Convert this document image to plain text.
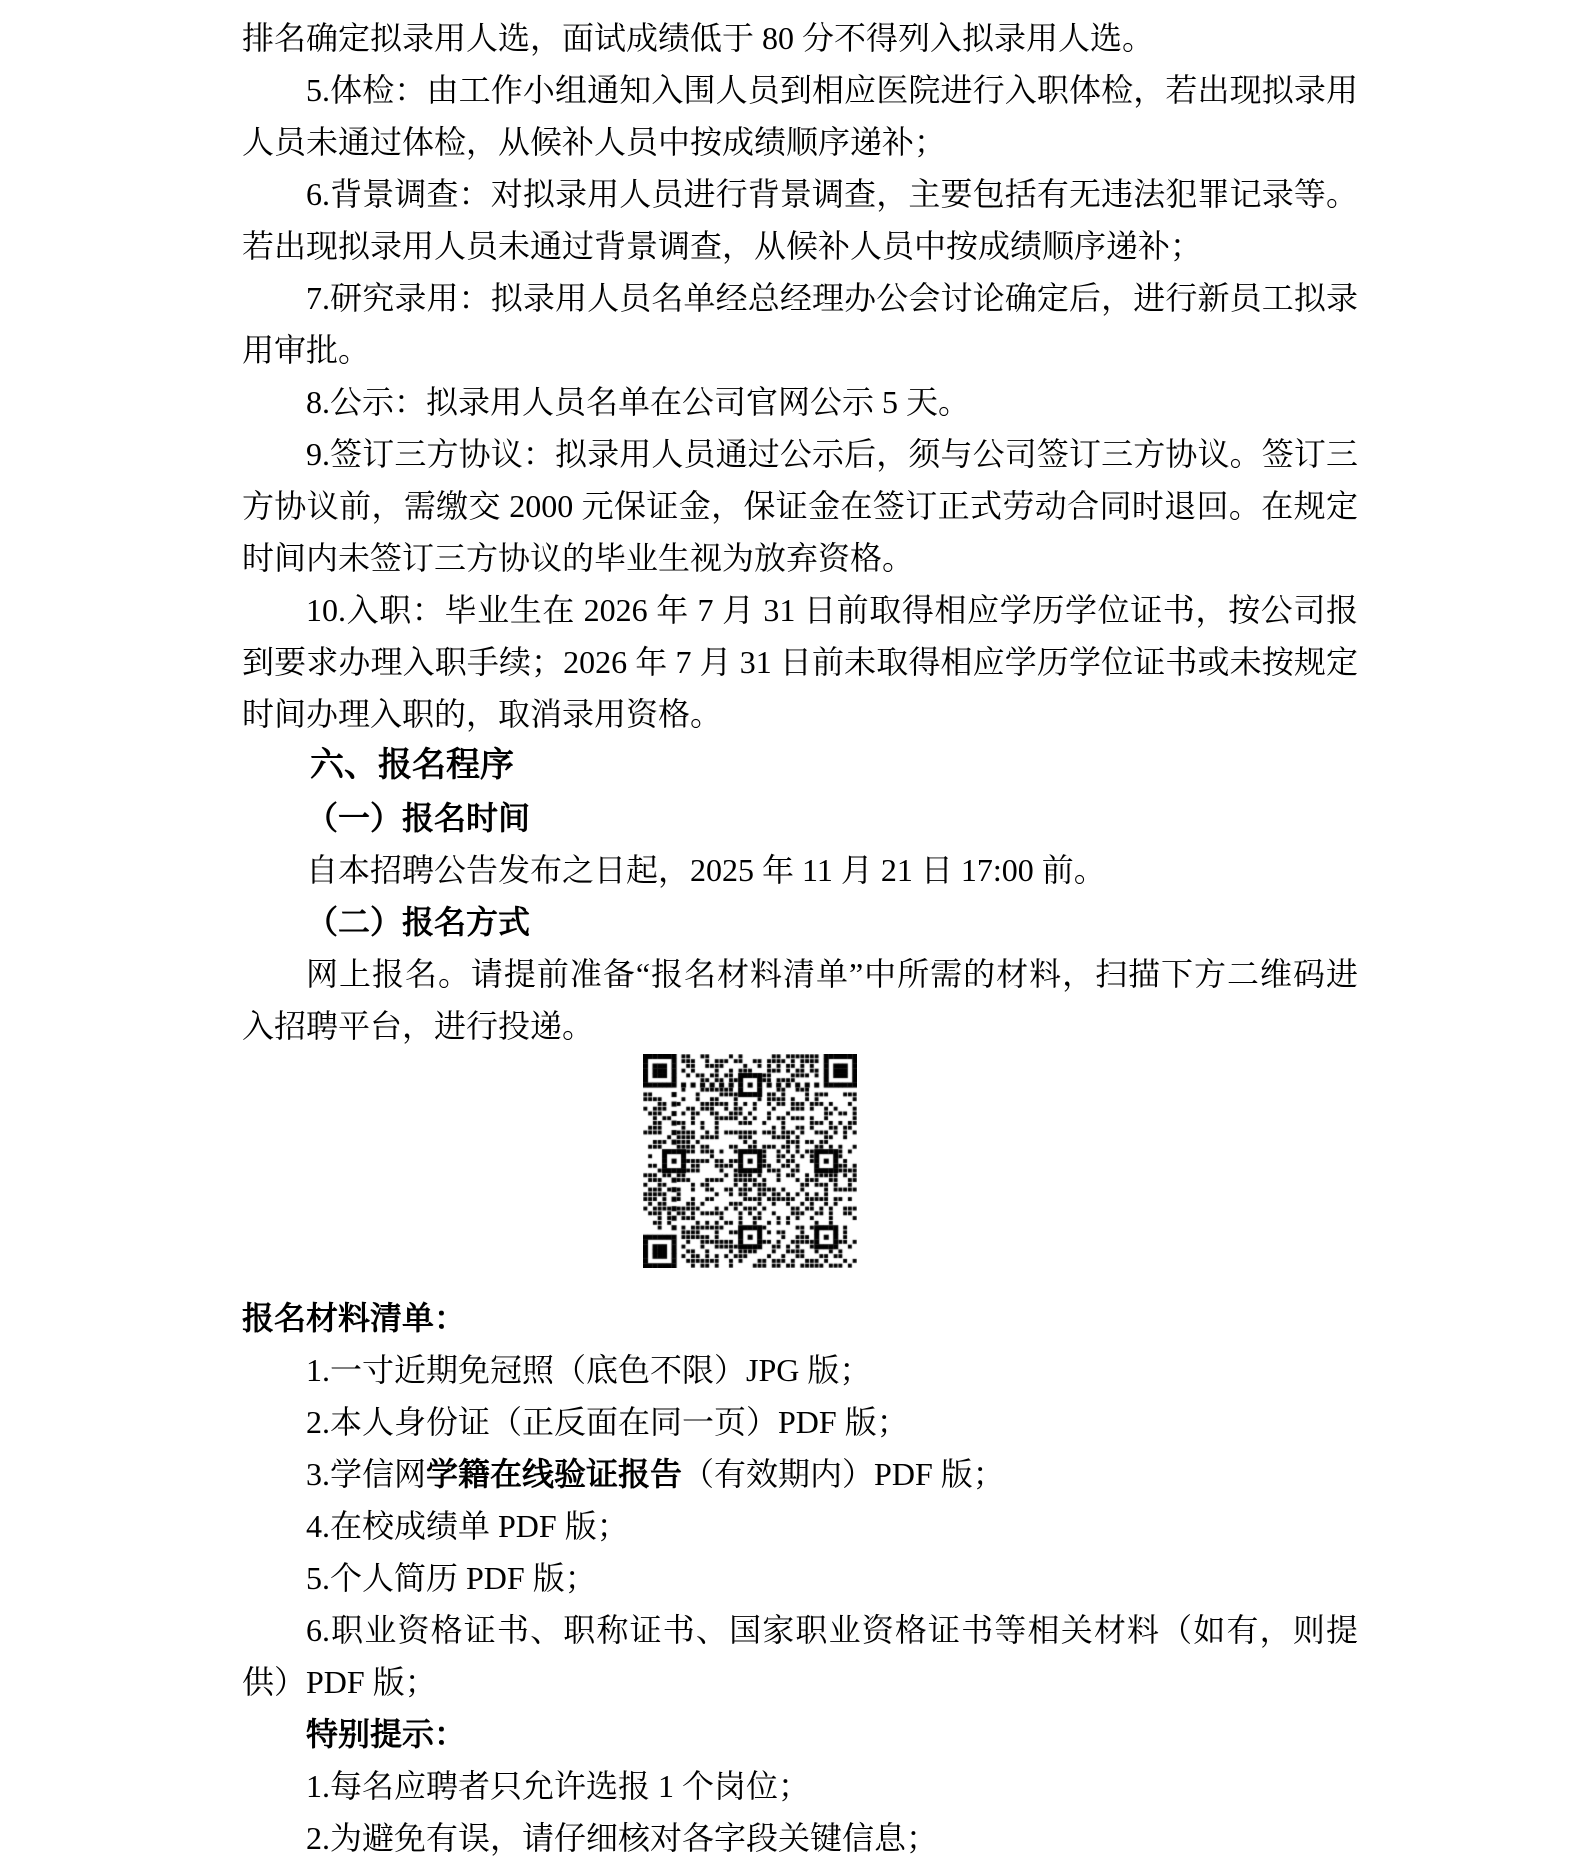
排名确定拟录用人选，面试成绩低于 80 分不得列入拟录用人选。

5.体检：由工作小组通知入围人员到相应医院进行入职体检，若出现拟录用人员未通过体检，从候补人员中按成绩顺序递补；

6.背景调查：对拟录用人员进行背景调查，主要包括有无违法犯罪记录等。若出现拟录用人员未通过背景调查，从候补人员中按成绩顺序递补；

7.研究录用：拟录用人员名单经总经理办公会讨论确定后，进行新员工拟录用审批。

8.公示：拟录用人员名单在公司官网公示 5 天。

9.签订三方协议：拟录用人员通过公示后，须与公司签订三方协议。签订三方协议前，需缴交 2000 元保证金，保证金在签订正式劳动合同时退回。在规定时间内未签订三方协议的毕业生视为放弃资格。

10.入职：毕业生在 2026 年 7 月 31 日前取得相应学历学位证书，按公司报到要求办理入职手续；2026 年 7 月 31 日前未取得相应学历学位证书或未按规定时间办理入职的，取消录用资格。

六、报名程序

（一）报名时间

自本招聘公告发布之日起，2025 年 11 月 21 日 17:00 前。

（二）报名方式

网上报名。请提前准备“报名材料清单”中所需的材料，扫描下方二维码进入招聘平台，进行投递。

报名材料清单：

1.一寸近期免冠照（底色不限）JPG 版；

2.本人身份证（正反面在同一页）PDF 版；

3.学信网学籍在线验证报告（有效期内）PDF 版；

4.在校成绩单 PDF 版；

5.个人简历 PDF 版；

6.职业资格证书、职称证书、国家职业资格证书等相关材料（如有，则提供）PDF 版；

特别提示：

1.每名应聘者只允许选报 1 个岗位；

2.为避免有误，请仔细核对各字段关键信息；
